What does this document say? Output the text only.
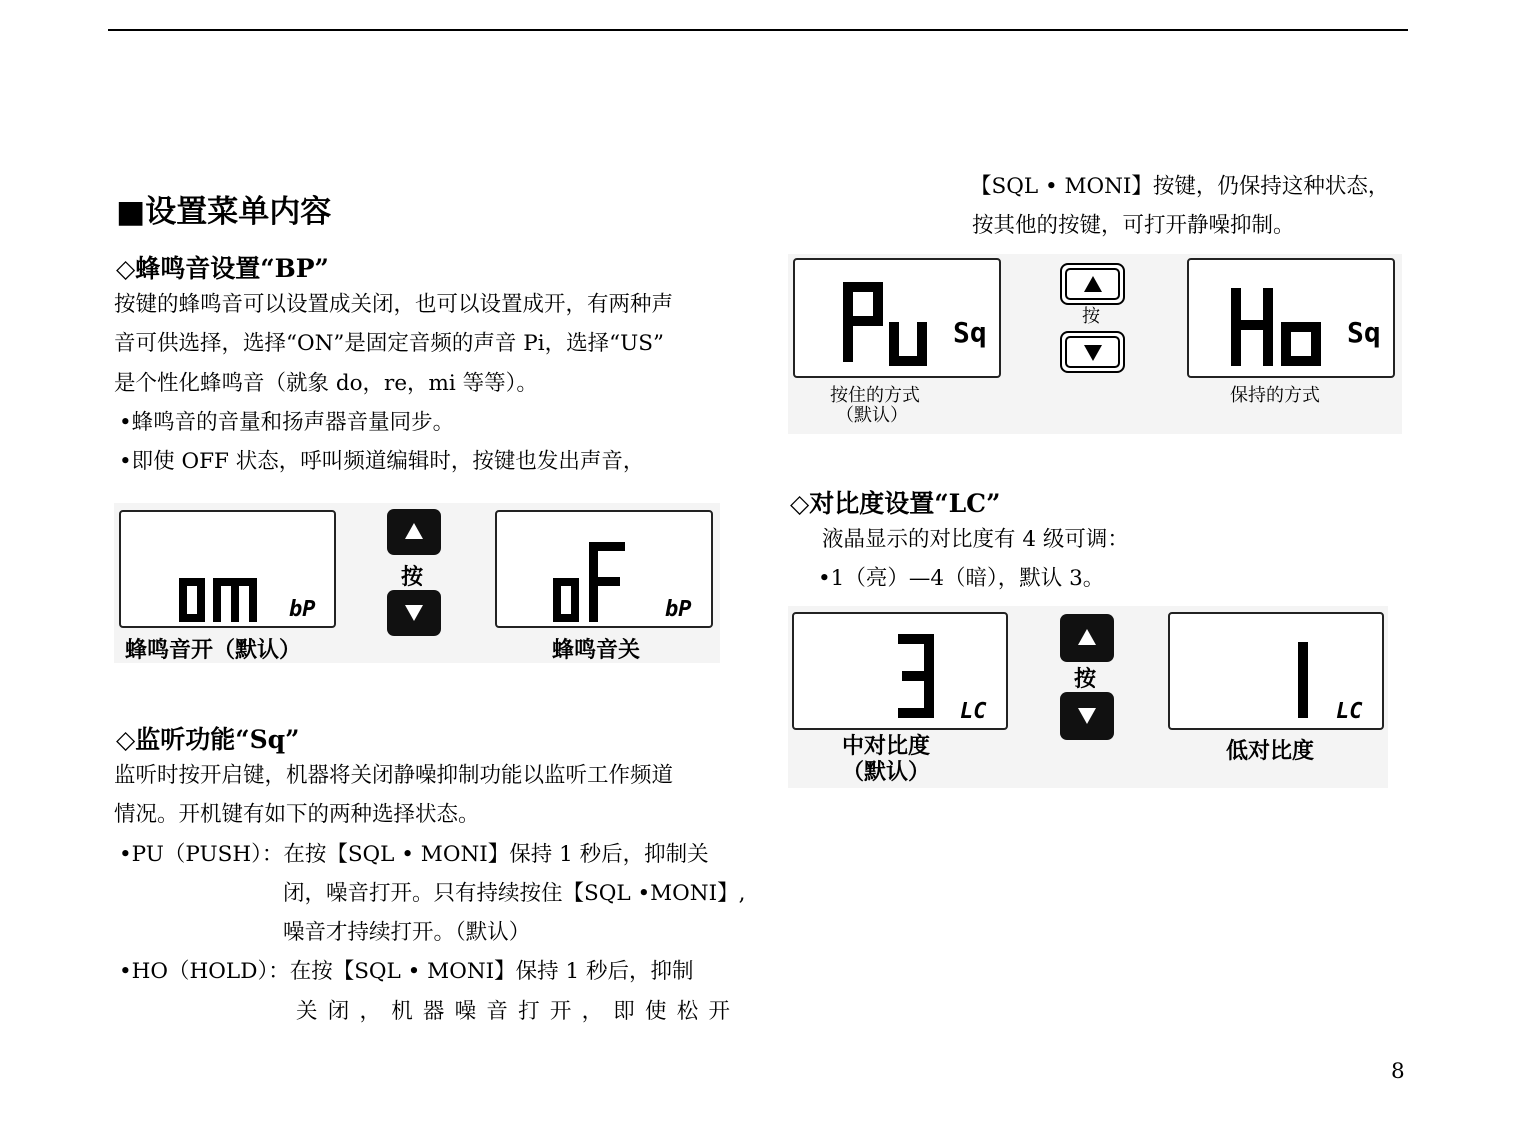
■设置菜单内容
◇蜂鸣音设置“BP”
按键的蜂鸣音可以设置成关闭，也可以设置成开，有两种声
音可供选择，选择“ON”是固定音频的声音 Pi，选择“US”
是个性化蜂鸣音（就象 do，re，mi 等等）。
•蜂鸣音的音量和扬声器音量同步。
•即使 OFF 状态，呼叫频道编辑时，按键也发出声音，
bP
蜂鸣音开（默认）
按
bP
蜂鸣音关
◇监听功能“Sq”
监听时按开启键，机器将关闭静噪抑制功能以监听工作频道
情况。开机键有如下的两种选择状态。
•PU（PUSH）：在按【SQL • MONI】保持 1 秒后，抑制关
闭，噪音打开。只有持续按住【SQL •MONI】,
噪音才持续打开。（默认）
•HO（HOLD）：在按【SQL • MONI】保持 1 秒后，抑制
关闭，机器噪音打开，即使松开
【SQL • MONI】按键，仍保持这种状态，
按其他的按键，可打开静噪抑制。
Sq
按住的方式
（默认）
按	Sq
保持的方式
◇对比度设置“LC”
液晶显示的对比度有 4 级可调：
•1（亮）—4（暗），默认 3。
LC
中对比度
（默认）
按
LC
低对比度
8
